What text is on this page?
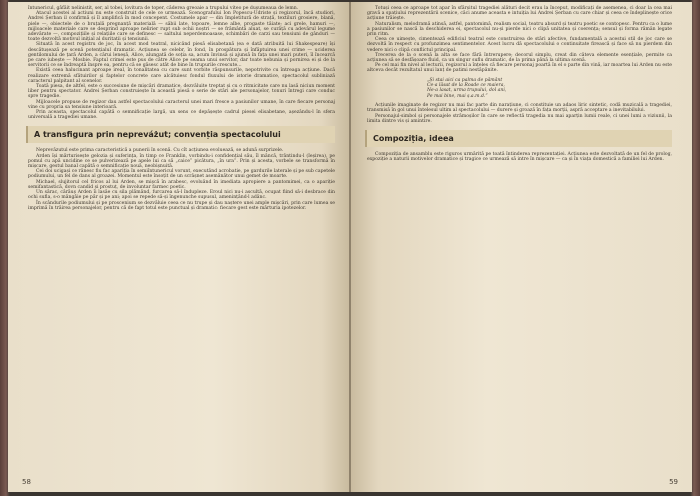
întunericul, gâfâit nelinistit, ser, al tobei, lovitura de toper, căderea greoaie a trupului viteo pe dușumeaua de lemn.

Atacul acestei al actiuni nu este construit de cele ce urmează. Scenografului Ion Popescu-Udriste și regizorul, încă studiori, Andrei Șerban il confirmă și îl amplifică în mod concepent. Costumele apar — din Impletitură de strață, textiluri grosiere, blană, piele —, obiectele de o bruțală pregnanță materială — săbii late, topoare, lemne albe, progaste tăiate; aci grele, hamuri —, mijloacele materiale care se desprind aproape nelirier rupt sub ochii noștri — se frământă aluat, se curăță cu adevărul legume adevărate —, compozițiile și relațiile care se definesc — saltului neperdemoasase, schimbări de carzi sau tensiuni de gânduri — toate dezvoltă motivul inițial al duritatii și tensiunii.

Situată în acest registru de joc, în acest mod teatral, nicicând piesă elisabetană (ea e dată atribuită lui Shakespeare) își descătușează pe scenă potențialul dramatic. Acțiunea se celebr, în fond, în prospătura și înfăptuirea unei crime — uciderea gentilomului de țară Arden, a cărui leneșă, Alice, alungată de soția sa, acum învinsă și ajunsă în fața unei mari puteri, îl încearcă pe care iubește — Mosbie. Faptul crimei este pus de către Alice pe seama unui servitor, dar toate nebunia și pornirea ei și de la servitorii ce se îndreaptă înspre ea, pentru că se găsesc atât de bine în trupurile crescute...

Există ceea halucinant aproape ireal, în tonalitatea cu care sunt vorbite răspunsurile, nepotrivite cu întreaga acțiune. Dacă realizare extremă sfătuirilor și faptelor concrete care alcătuiesc fondul fluxului de istorie dramatice, spectacolul subliniază caracterul palpitant al scenelor.

Toată piesa, de altfel, este o succesiune de mișcări dramatice, dezvăluite treptat și cu o ritmicitate care nu lasă niciun moment liber pentru spectator. Andrei Șerban construiește în această piesă o serie de stări ale personajelor, tonuri întregi care conduc spre tragedie.

Mijloacele propuse de regizor dau astfel spectacolului caracterul unei mari fresce a pasiunilor umane, în care fiecare personaj vine cu propria sa tensiune interioară.

Prin aceasta, spectacolul capătă o semnificație largă, un sens ce depășește cadrul piesei elisabetane, așezându-l în sfera universală a tragediei umane.

A transfigura prin nepreváżut; convenția spectacolului

Neprevăzutul este prima caracteristică a punerii în scenă. Cu cît acțiunea evoluează, se adună surprizele.

Arden își mărturisește gelozia și suferința, în timp ce Franklin, vorbindu-i confidențial său, îl mâncă, trântindu-l (Ieșirea), pe pomul cu apă uncidine ce se pulverizează pe apele lui ca să „caice” picătura, „în ura”. Prin și acesta, vorbele se transformă în mișcare, gestul banal capătă o semnificație nouă, neobișnuită.

Cei doi ucigași ce rănesc fiu fac apariția în semiîntunericul vorunt, executând acrobatie, pe gardurile laterale și pe sub capetele podiumului, un fel de dans al groazei. Momentul este însoțit de un scrâșnet asemănător unui gemet de moarte.

Michael, slujitorul cel fricos al lui Arden, se mișcă în arabesc, evoluând în imediata apropiere a pantomimei, ca o apariție semifantastică, dovn candid și prostuț, de involuntar farmec poetic.

Un sărac, cărăuș Arden îi lasăe cu sila plămând, furcarea să-l îndupleze. Eroul nici nu-i ascultă, ocupat fiind să-i desbrace din ochi sufla, s-o mângâie pe păr și pe ani; apoi se repede să-și îngenunche supusul, amenințând-l adânc.

În scândurile podiumului și pe proscenium se dezvăluie ceea ce nu trupe și dau naștere unei ample mișcări, prin care lumea se imprimă în trăirea personajelor, pentru că de fapt totul este punctual și dramatic: fiecare gest este mărturia ipotezelor.

58

Totuși ceea ce aproape tot apar în sfârșitul tragediei alături decit erau la început, modificați de asemenea, ci doar la cea mai gravă a spațiului reprezentării scenice, căci anume aceasta e intuiția lui Andrei Șerban cu care chiar și ceea ce îndeplinește orice acțiune trăiește.

Naturalism, melodramă atinsă, astfel, pantomimă, realism social, teatru absurd și teatru poetic se contopesc. Pentru ca o lume a pasiunilor se nască la deschiderea ei, spectacolul nu-și pierde nici o clipă unitatea și coerența; sensul și forma rămân legate prin ritm.

Ceea ce uimește, cimentează edificiul teatral este construirea de stări afective, fundamentală a acestui stil de joc care se dezvoltă în respect cu profunzimea sentimentelor. Acest lucru dă spectacolului o continuitate firească și face să nu pierdem din vedere nici o clipă conflictul principal.

Trecerea de la o scenă la alta se face fără întrerupere; decorul simplu, creat din câteva elemente esențiale, permite ca acțiunea să se desfășoare fluid, ca un singur suflu dramatic, de la prima până la ultima scenă.

Pe cel mai fin nivel al lecturii, regizorul a înțeles că fiecare personaj poartă în el o parte din vină, iar moartea lui Arden nu este altceva decât rezultatul unui lanț de patimi nestăpânite.

„Și stai aici ca palma de pământ
Ce-a lăsat de la Roade ce maiera,
Ne-a lasat, urma trupului, dol ani,
Pe mai bine, mai ș.a.m.d.”

Acțiunile imaginate de regizor nu mai fac parte din narațiune, ci constituie un adaos liric sintetic, codă muzicală a tragediei, transmisă în gol unui întelesul ultim al spectacolului — durere și groază în fața morții, aspră acceptare a inevitabilului.

Personajul-simbol și personajele strămoșilor în care se reflectă tragedia nu mai aparțin lumii reale, ci unei lumi a viziunii, la limita dintre vis și amintire.

Compoziția, ideea

Compoziția de ansamblu este riguros urmărită pe toată întinderea reprezentației. Acțiunea este dezvoltată de un fel de prolog, expoziție a naturii motivelor dramatice și tragice ce urmează să intre în mișcare — ca și în viața domestică a familiei lui Arden.

59
